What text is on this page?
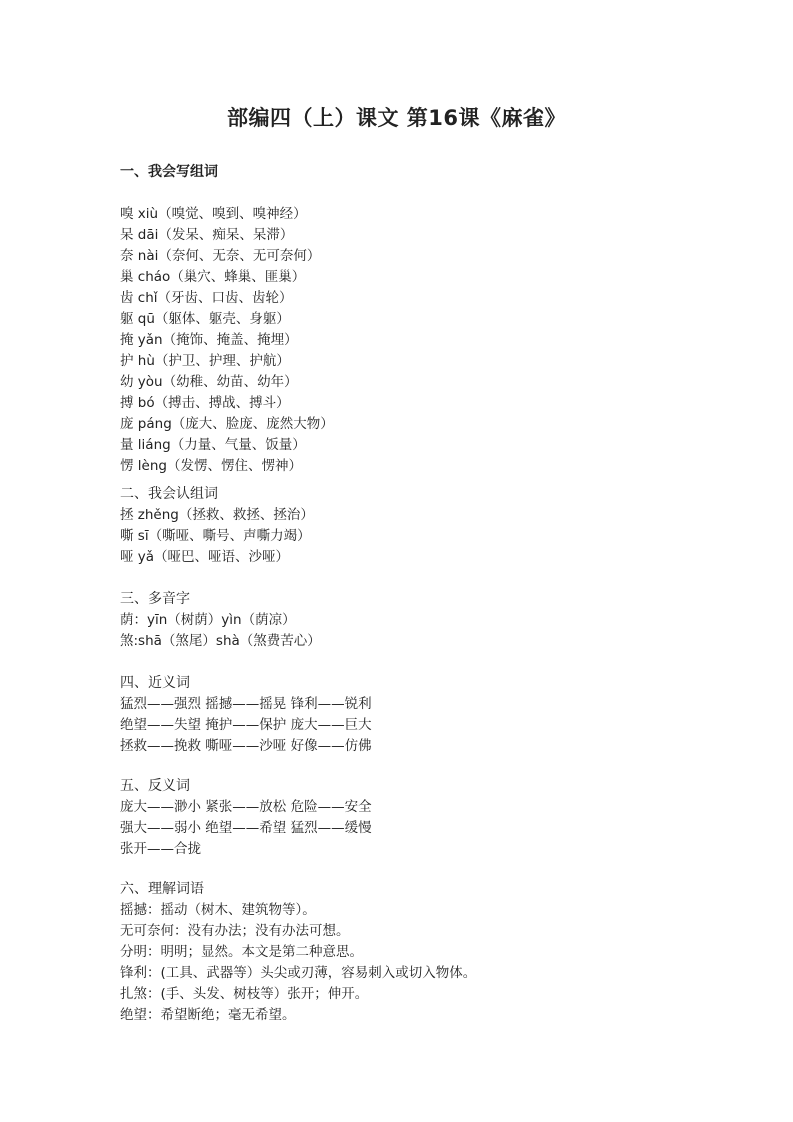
部编四（上）课文 第16课《麻雀》
一、我会写组词
嗅 xiù（嗅觉、嗅到、嗅神经）
呆 dāi（发呆、痴呆、呆滞）
奈 nài（奈何、无奈、无可奈何）
巢 cháo（巢穴、蜂巢、匪巢）
齿 chǐ（牙齿、口齿、齿轮）
躯 qū（躯体、躯壳、身躯）
掩 yǎn（掩饰、掩盖、掩埋）
护 hù（护卫、护理、护航）
幼 yòu（幼稚、幼苗、幼年）
搏 bó（搏击、搏战、搏斗）
庞 páng（庞大、脸庞、庞然大物）
量 liáng（力量、气量、饭量）
愣 lèng（发愣、愣住、愣神）
二、我会认组词
拯 zhěng（拯救、救拯、拯治）
嘶 sī（嘶哑、嘶号、声嘶力竭）
哑 yǎ（哑巴、哑语、沙哑）
三、多音字
荫：yīn（树荫）yìn（荫凉）
煞:shā（煞尾）shà（煞费苦心）
四、近义词
猛烈——强烈 摇撼——摇晃 锋利——锐利
绝望——失望 掩护——保护 庞大——巨大
拯救——挽救 嘶哑——沙哑 好像——仿佛
五、反义词
庞大——渺小 紧张——放松 危险——安全
强大——弱小 绝望——希望 猛烈——缓慢
张开——合拢
六、理解词语
摇撼：摇动（树木、建筑物等）。
无可奈何：没有办法；没有办法可想。
分明：明明；显然。本文是第二种意思。
锋利：(工具、武器等）头尖或刃薄，容易刺入或切入物体。
扎煞：(手、头发、树枝等）张开；伸开。
绝望：希望断绝；毫无希望。
